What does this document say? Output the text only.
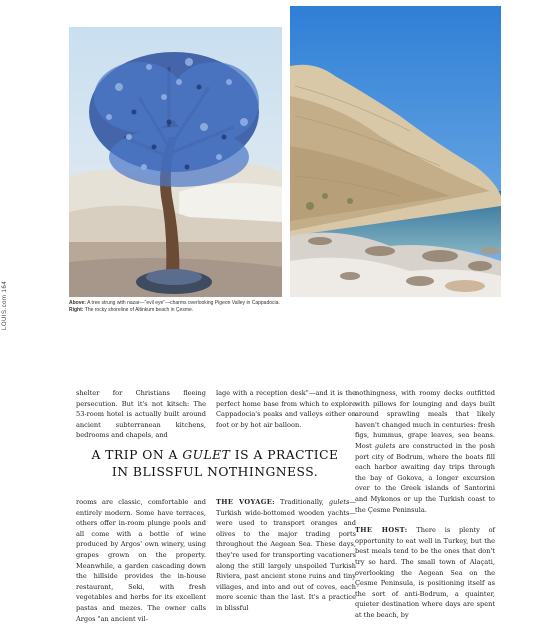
Above: A tree strung with nazar—"evil eye"—charms overlooking Pigeon Valley in Cappadocia.
Right: The rocky shoreline of Altinkum beach in Çesme.
LOUIS.com 164

shelter for Christians fleeing persecution. But it's not kitsch: The 53-room hotel is actually built around ancient subterranean kitchens, bedrooms and chapels, and

lage with a reception desk"—and it is the perfect home base from which to explore Cappadocia's peaks and valleys either on foot or by hot air balloon.

A TRIP ON A GULET IS A PRACTICE IN BLISSFUL NOTHINGNESS.

nothingness, with roomy decks outfitted with pillows for lounging and days built around sprawling meals that likely haven't changed much in centuries: fresh figs, hummus, grape leaves, sea beans. Most gulets are constructed in the posh port city of Bodrum, where the boats fill each harbor awaiting day trips through the bay of Gokova, a longer excursion over to the Greek islands of Santorini and Mykonos or up the Turkish coast to the Çesme Peninsula.

THE HOST: There is plenty of opportunity to eat well in Turkey, but the best meals tend to be the ones that don't try so hard. The small town of Alaçati, overlooking the Aegean Sea on the Çesme Peninsula, is positioning itself as the sort of anti-Bodrum, a quainter, quieter destination where days are spent at the beach, by

rooms are classic, comfortable and entirely modern. Some have terraces, others offer in-room plunge pools and all come with a bottle of wine produced by Argos' own winery, using grapes grown on the property. Meanwhile, a garden cascading down the hillside provides the in-house restaurant, Seki, with fresh vegetables and herbs for its excellent pastas and mezes. The owner calls Argos "an ancient vil-

THE VOYAGE: Traditionally, gulets— Turkish wide-bottomed wooden yachts— were used to transport oranges and olives to the major trading ports throughout the Aegean Sea. These days, they're used for transporting vacationers along the still largely unspoiled Turkish Riviera, past ancient stone ruins and tiny villages, and into and out of coves, each more scenic than the last. It's a practice in blissful
